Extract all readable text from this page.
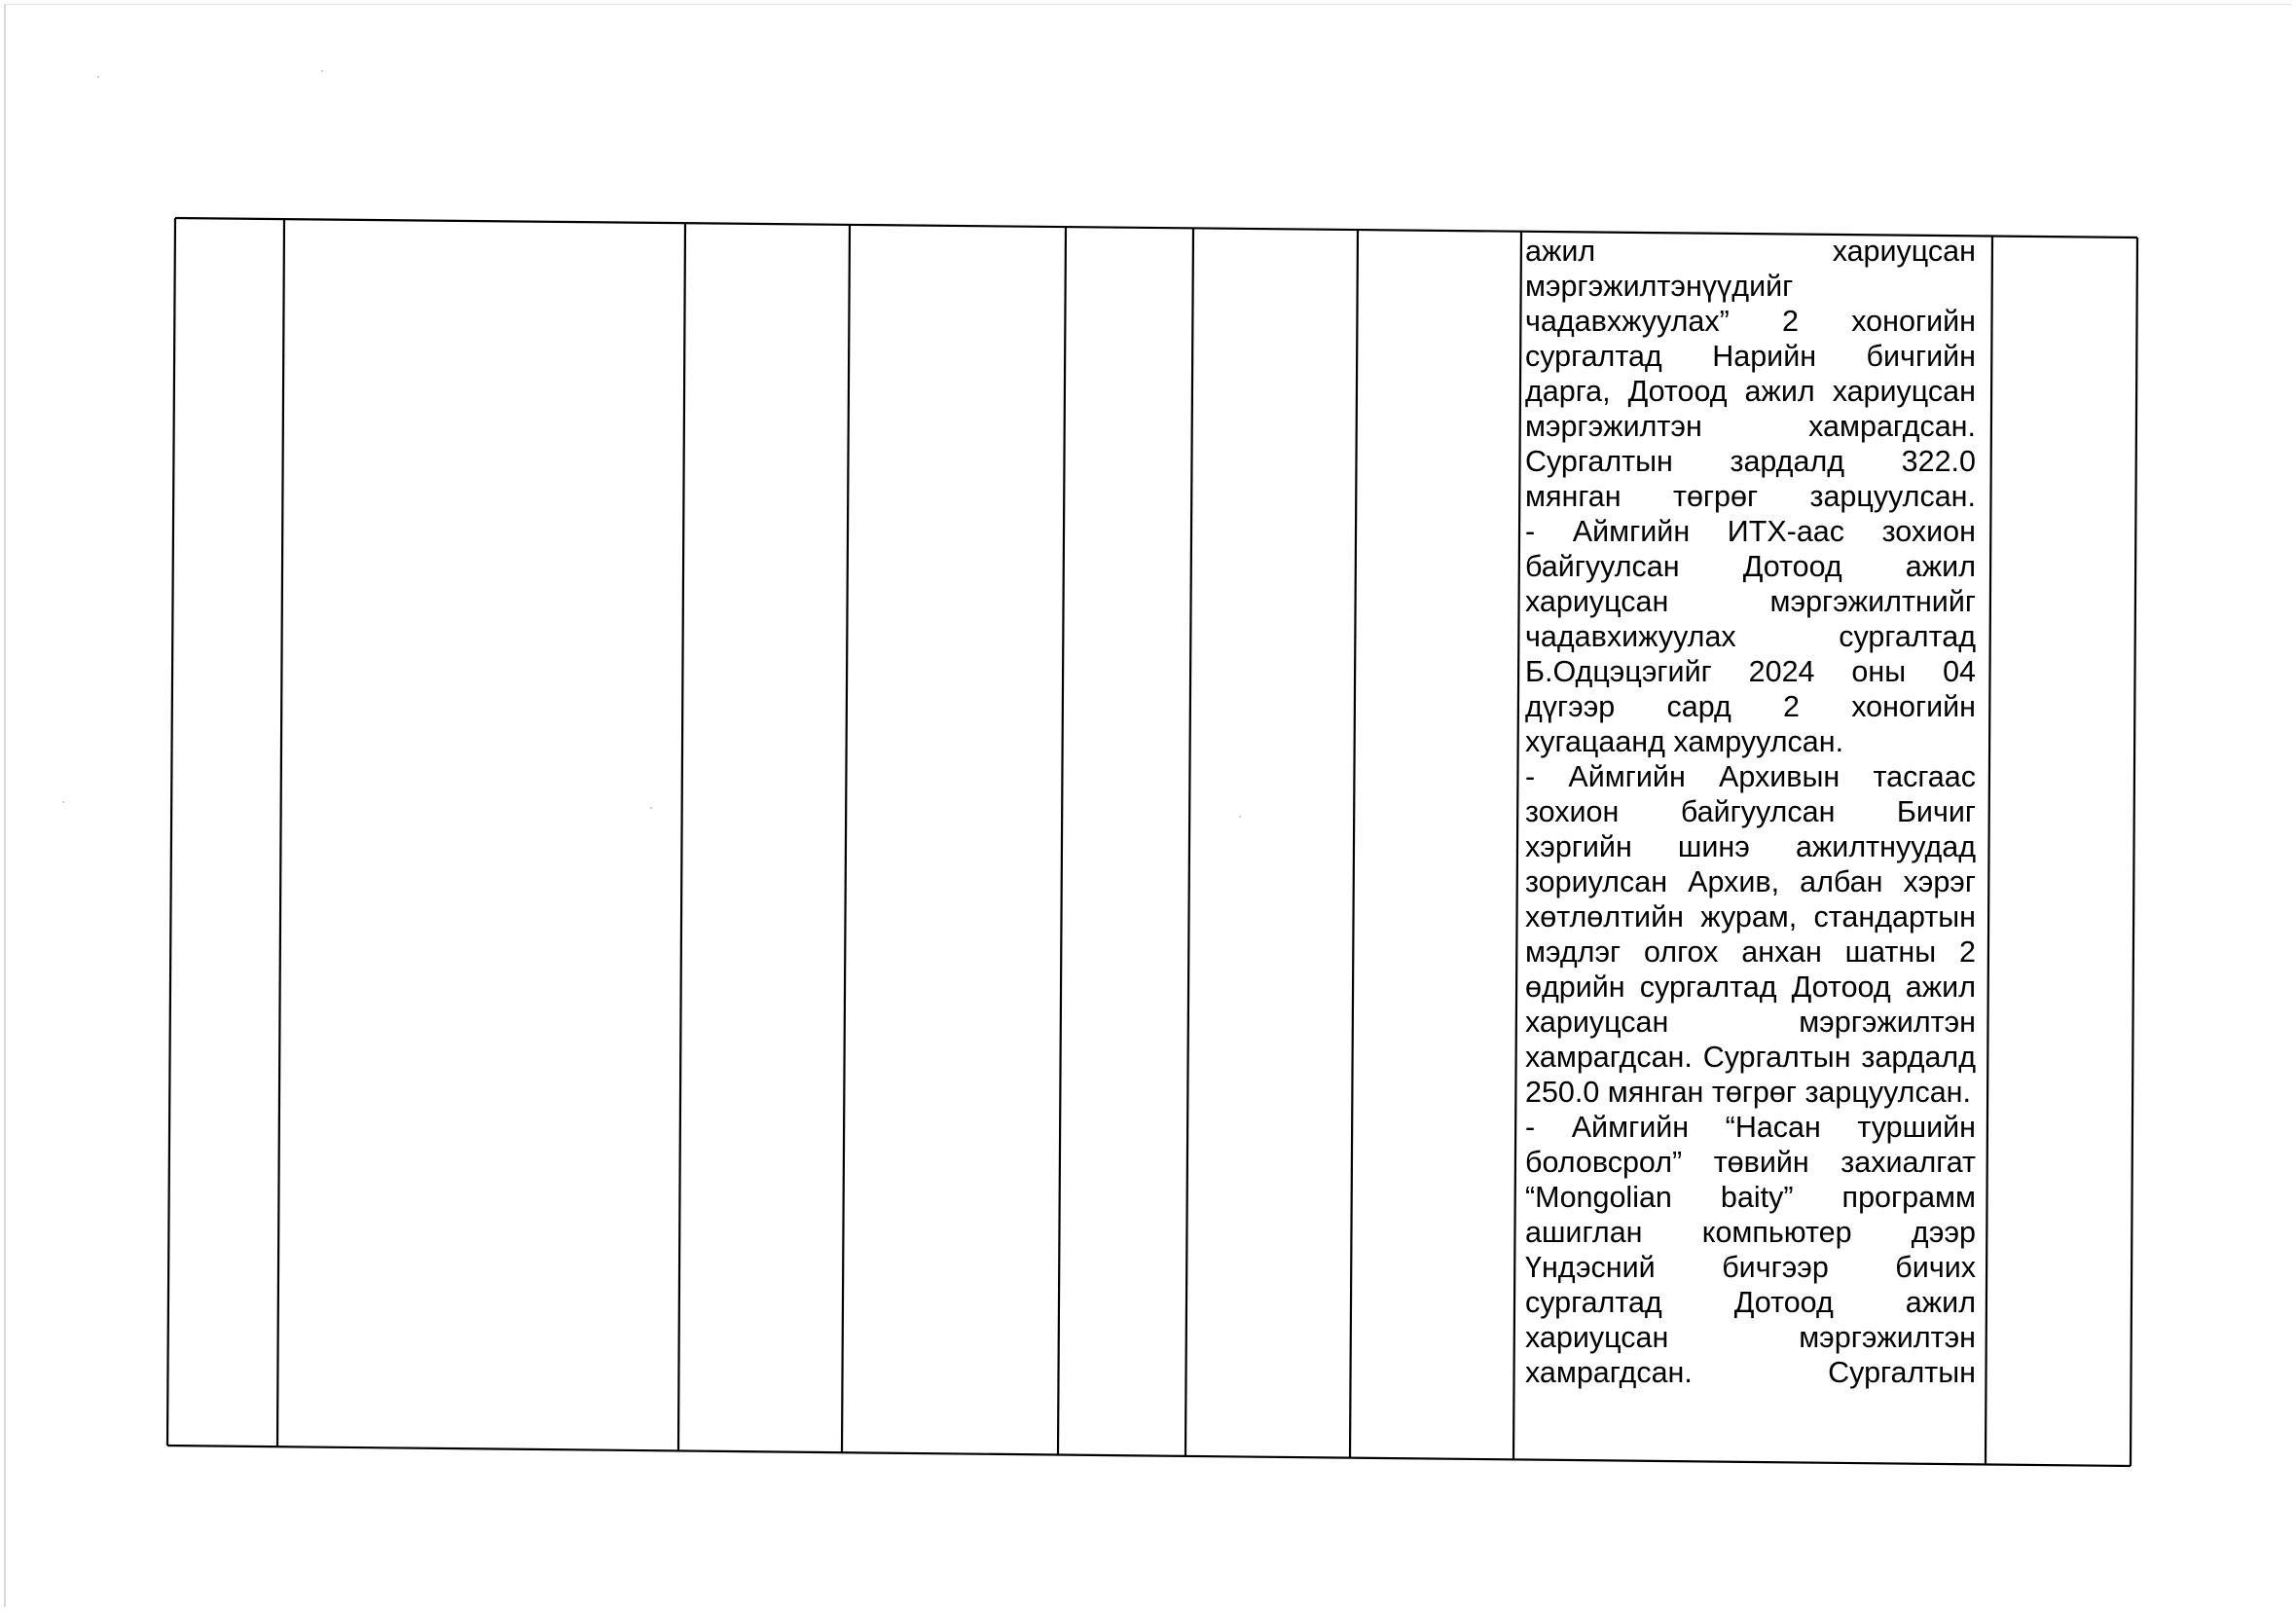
ажил хариуцсан мэргэжилтэнүүдийг чадавхжуулах” 2 хоногийн сургалтад Нарийн бичгийн дарга, Дотоод ажил хариуцсан мэргэжилтэн хамрагдсан. Сургалтын зардалд 322.0 мянган төгрөг зарцуулсан.

- Аймгийн ИТХ-аас зохион байгуулсан Дотоод ажил хариуцсан мэргэжилтнийг чадавхижуулах сургалтад Б.Одцэцэгийг 2024 оны 04 дүгээр сард 2 хоногийн хугацаанд хамруулсан.

- Аймгийн Архивын тасгаас зохион байгуулсан Бичиг хэргийн шинэ ажилтнуудад зориулсан Архив, албан хэрэг хөтлөлтийн журам, стандартын мэдлэг олгох анхан шатны 2 өдрийн сургалтад Дотоод ажил хариуцсан мэргэжилтэн хамрагдсан. Сургалтын зардалд 250.0 мянган төгрөг зарцуулсан.

- Аймгийн “Насан туршийн боловсрол” төвийн захиалгат “Mongolian baity” программ ашиглан компьютер дээр Үндэсний бичгээр бичих сургалтад Дотоод ажил хариуцсан мэргэжилтэн хамрагдсан. Сургалтын
